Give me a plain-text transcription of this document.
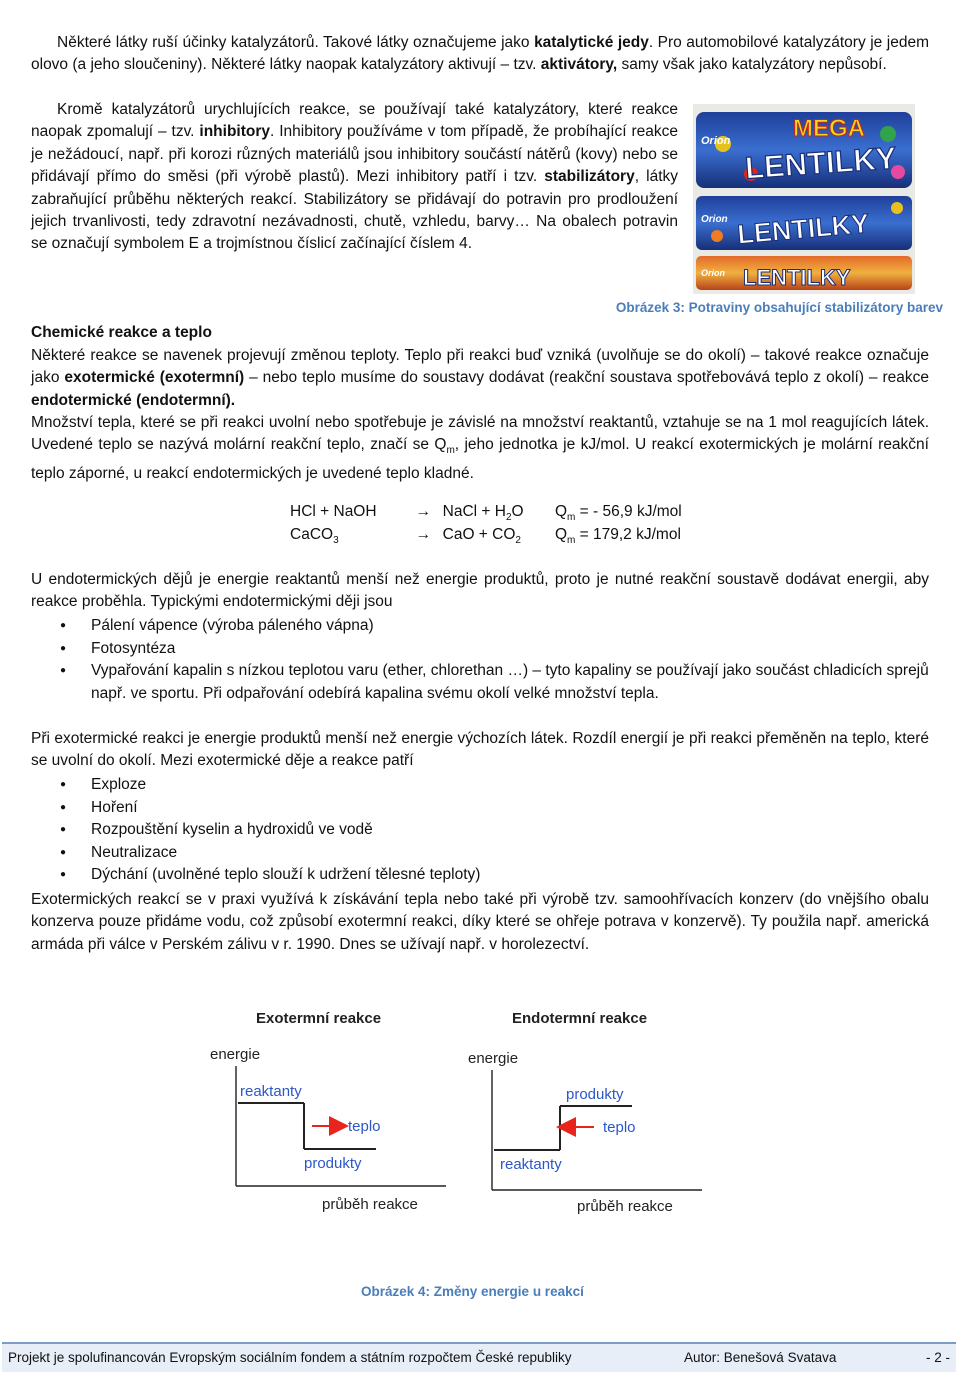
Některé látky ruší účinky katalyzátorů. Takové látky označujeme jako katalytické jedy. Pro automobilové katalyzátory je jedem olovo (a jeho sloučeniny). Některé látky naopak katalyzátory aktivují – tzv. aktivátory, samy však jako katalyzátory nepůsobí.

Kromě katalyzátorů urychlujících reakce, se používají také katalyzátory, které reakce naopak zpomalují – tzv. inhibitory. Inhibitory používáme v tom případě, že probíhající reakce je nežádoucí, např. při korozi různých materiálů jsou inhibitory součástí nátěrů (kovy) nebo se přidávají přímo do směsi (při výrobě plastů). Mezi inhibitory patří i tzv. stabilizátory, látky zabraňující průběhu některých reakcí. Stabilizátory se přidávají do potravin pro prodloužení jejich trvanlivosti, tedy zdravotní nezávadnosti, chutě, vzhledu, barvy… Na obalech potravin se označují symbolem E a trojmístnou číslicí začínající číslem 4.

Orion	MEGA
LENTILKY
Orion LENTILKY
Orion LENTILKY
Obrázek 3: Potraviny obsahující stabilizátory barev
Chemické reakce a teplo

Některé reakce se navenek projevují změnou teploty. Teplo při reakci buď vzniká (uvolňuje se do okolí) – takové reakce označuje jako exotermické (exotermní) – nebo teplo musíme do soustavy dodávat (reakční soustava spotřebovává teplo z okolí) – reakce endotermické (endotermní).

Množství tepla, které se při reakci uvolní nebo spotřebuje je závislé na množství reaktantů, vztahuje se na 1 mol reagujících látek. Uvedené teplo se nazývá molární reakční teplo, značí se $Q_m$, jeho jednotka je kJ/mol. U reakcí exotermických je molární reakční teplo záporné, u reakcí endotermických je uvedené teplo kladné.

HCl + NaOH	→ NaCl + $H_2O$ $Q_m$ = - 56,9 kJ/mol
CaCO$_3$	→ CaO + $CO_2$ $Q_m = 179,2$ kJ/mol

U endotermických dějů je energie reaktantů menší než energie produktů, proto je nutné reakční soustavě dodávat energii, aby reakce proběhla. Typickými endotermickými ději jsou

● Pálení vápence (výroba páleného vápna)
● Fotosyntéza
● Vypařování kapalin s nízkou teplotou varu (ether, chlorethan …) – tyto kapaliny se používají jako součást chladicích sprejů např. ve sportu. Při odpařování odebírá kapalina svému okolí velké množství tepla.

Při exotermické reakci je energie produktů menší než energie výchozích látek. Rozdíl energií je při reakci přeměněn na teplo, které se uvolní do okolí. Mezi exotermické děje a reakce patří

● Exploze
● Hoření
● Rozpouštění kyselin a hydroxidů ve vodě
● Neutralizace
● Dýchání (uvolněné teplo slouží k udržení tělesné teploty)

Exotermických reakcí se v praxi využívá k získávání tepla nebo také při výrobě tzv. samoohřívacích konzerv (do vnějšího obalu konzerva pouze přidáme vodu, což způsobí exotermní reakci, díky které se ohřeje potrava v konzervě). Ty použila např. americká armáda při válce v Perském zálivu v r. 1990. Dnes se užívají např. v horolezectví.

Exotermní reakce
energie
průběh reakce
reaktanty
produkty
teplo
Endotermní reakce
energie
průběh reakce
produkty
reaktanty
teplo
Obrázek 4: Změny energie u reakcí
Projekt je spolufinancován Evropským sociálním fondem a státním rozpočtem České republiky	Autor: Benešová Svatava	- 2 -
